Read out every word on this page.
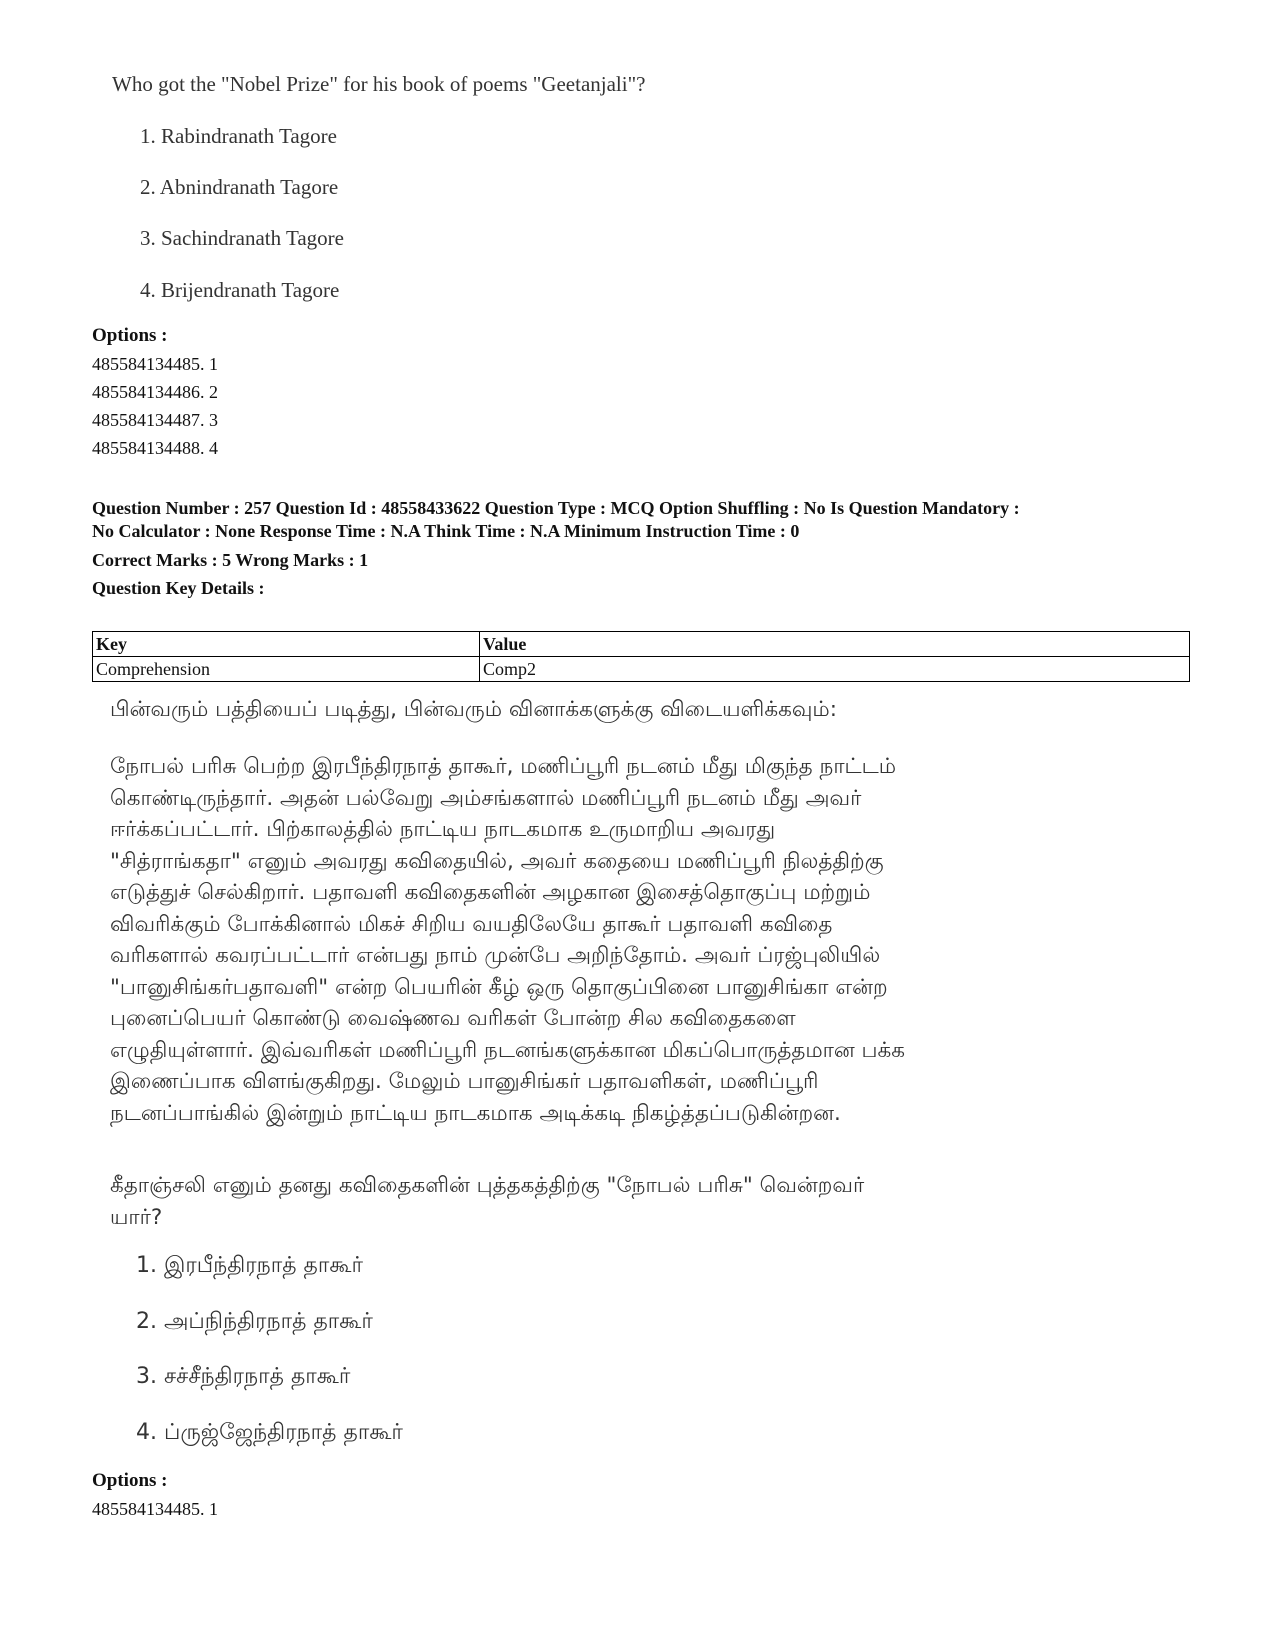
Who got the "Nobel Prize" for his book of poems "Geetanjali"?
1. Rabindranath Tagore
2. Abnindranath Tagore
3. Sachindranath Tagore
4. Brijendranath Tagore
Options :
485584134485. 1
485584134486. 2
485584134487. 3
485584134488. 4
Question Number : 257 Question Id : 48558433622 Question Type : MCQ Option Shuffling : No Is Question Mandatory :
No Calculator : None Response Time : N.A Think Time : N.A Minimum Instruction Time : 0
Correct Marks : 5 Wrong Marks : 1
Question Key Details :
Key	Value
Comprehension	Comp2
பின்வரும் பத்தியைப் படித்து, பின்வரும் வினாக்களுக்கு விடையளிக்கவும்:
நோபல் பரிசு பெற்ற இரபீந்திரநாத் தாகூர், மணிப்பூரி நடனம் மீது மிகுந்த நாட்டம்
கொண்டிருந்தார். அதன் பல்வேறு அம்சங்களால் மணிப்பூரி நடனம் மீது அவர்
ஈர்க்கப்பட்டார். பிற்காலத்தில் நாட்டிய நாடகமாக உருமாறிய அவரது
"சித்ராங்கதா" எனும் அவரது கவிதையில், அவர் கதையை மணிப்பூரி நிலத்திற்கு
எடுத்துச் செல்கிறார். பதாவளி கவிதைகளின் அழகான இசைத்தொகுப்பு மற்றும்
விவரிக்கும் போக்கினால் மிகச் சிறிய வயதிலேயே தாகூர் பதாவளி கவிதை
வரிகளால் கவரப்பட்டார் என்பது நாம் முன்பே அறிந்தோம். அவர் ப்ரஜ்புலியில்
"பானுசிங்கர்பதாவளி" என்ற பெயரின் கீழ் ஒரு தொகுப்பினை பானுசிங்கா என்ற
புனைப்பெயர் கொண்டு வைஷ்ணவ வரிகள் போன்ற சில கவிதைகளை
எழுதியுள்ளார். இவ்வரிகள் மணிப்பூரி நடனங்களுக்கான மிகப்பொருத்தமான பக்க
இணைப்பாக விளங்குகிறது. மேலும் பானுசிங்கர் பதாவளிகள், மணிப்பூரி
நடனப்பாங்கில் இன்றும் நாட்டிய நாடகமாக அடிக்கடி நிகழ்த்தப்படுகின்றன.
கீதாஞ்சலி எனும் தனது கவிதைகளின் புத்தகத்திற்கு "நோபல் பரிசு" வென்றவர்
யார்?
1. இரபீந்திரநாத் தாகூர்
2. அப்நிந்திரநாத் தாகூர்
3. சச்சீந்திரநாத் தாகூர்
4. ப்ருஜ்ஜேந்திரநாத் தாகூர்
Options :
485584134485. 1
